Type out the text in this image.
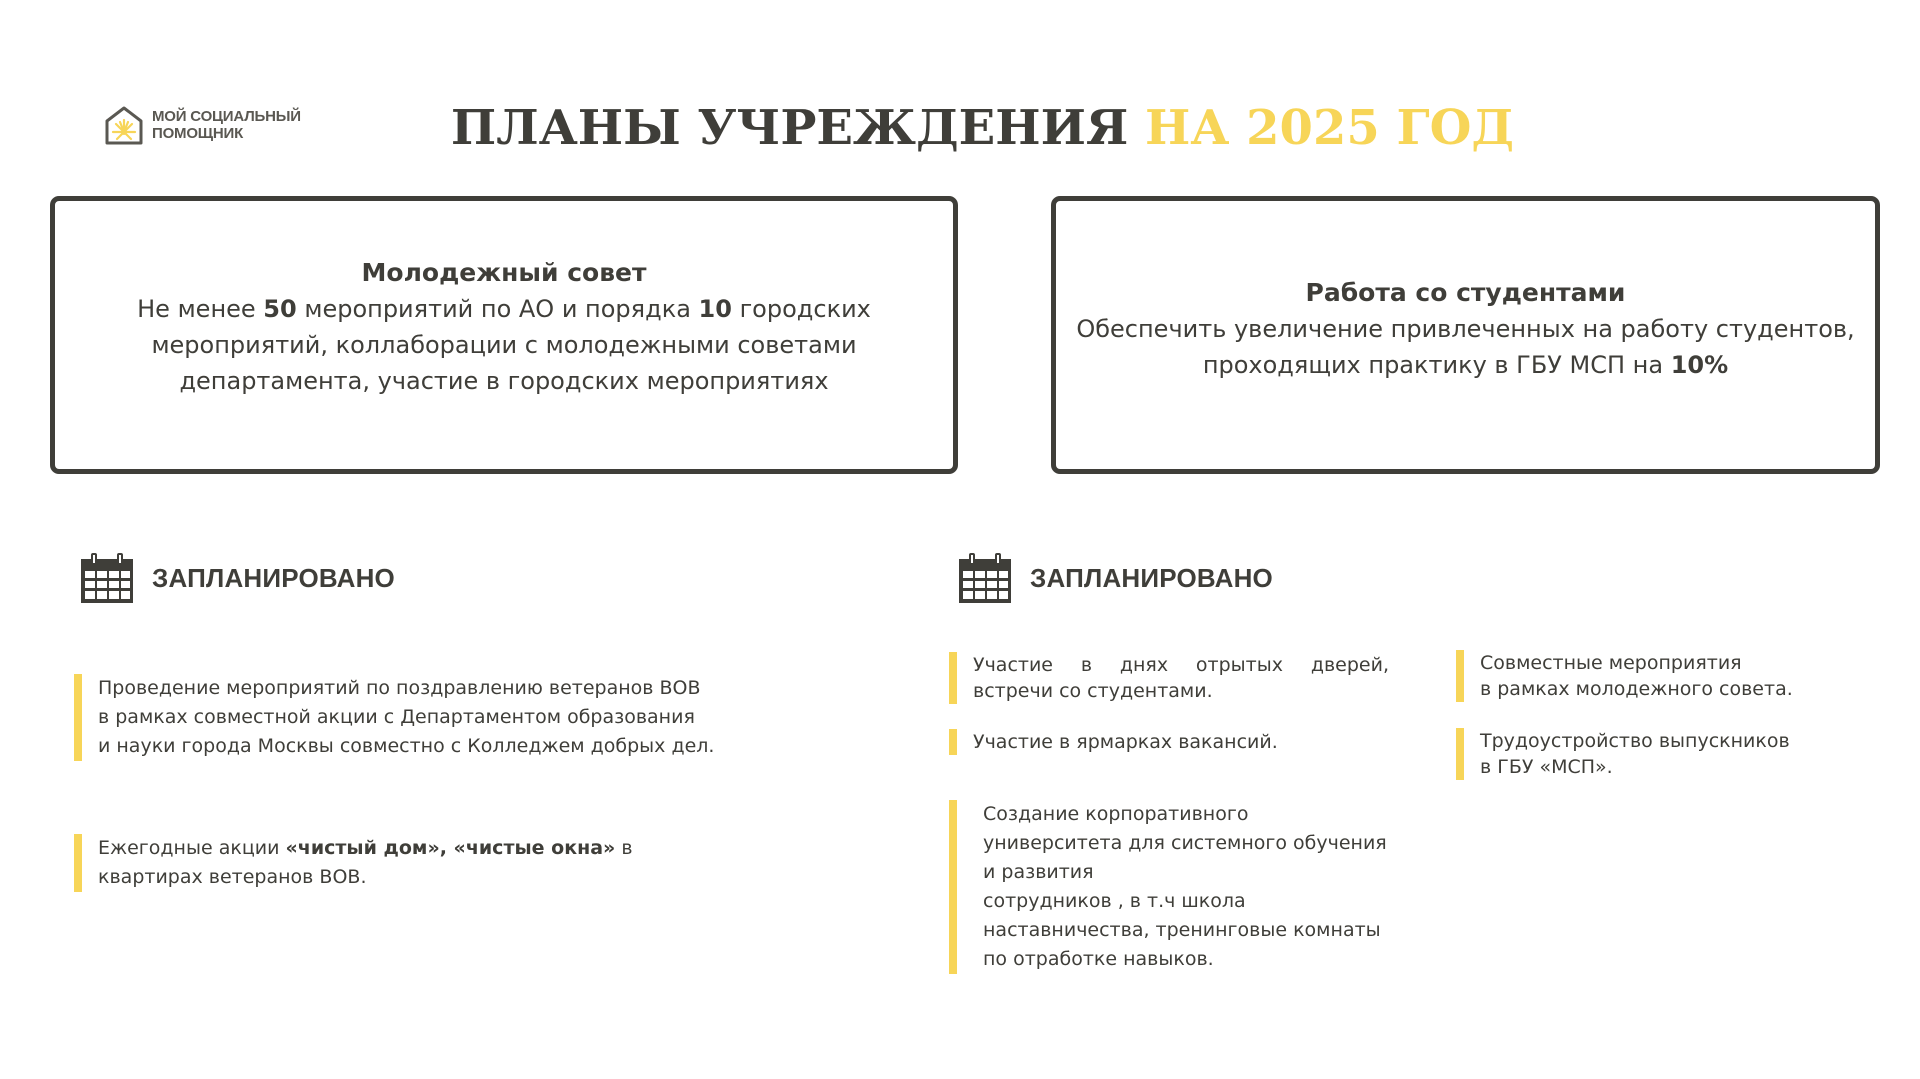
МОЙ СОЦИАЛЬНЫЙ
ПОМОЩНИК	ПЛАНЫ УЧРЕЖДЕНИЯ НА 2025 ГОД
Молодежный совет
Не менее 50 мероприятий по АО и порядка 10 городских
мероприятий, коллаборации с молодежными советами
департамента, участие в городских мероприятиях
Работа со студентами
Обеспечить увеличение привлеченных на работу студентов,
проходящих практику в ГБУ МСП на 10%
ЗАПЛАНИРОВАНО	ЗАПЛАНИРОВАНО
Проведение мероприятий по поздравлению ветеранов ВОВ
в рамках совместной акции с Департаментом образования
и науки города Москвы совместно с Колледжем добрых дел.
Ежегодные акции «чистый дом», «чистые окна» в
квартирах ветеранов ВОВ.
Участие в днях отрытых дверей,
встречи со студентами.
Участие в ярмарках вакансий.
Создание корпоративного
университета для системного обучения
и развития
сотрудников , в т.ч школа
наставничества, тренинговые комнаты
по отработке навыков.
Совместные мероприятия
в рамках молодежного совета.
Трудоустройство выпускников
в ГБУ «МСП».
